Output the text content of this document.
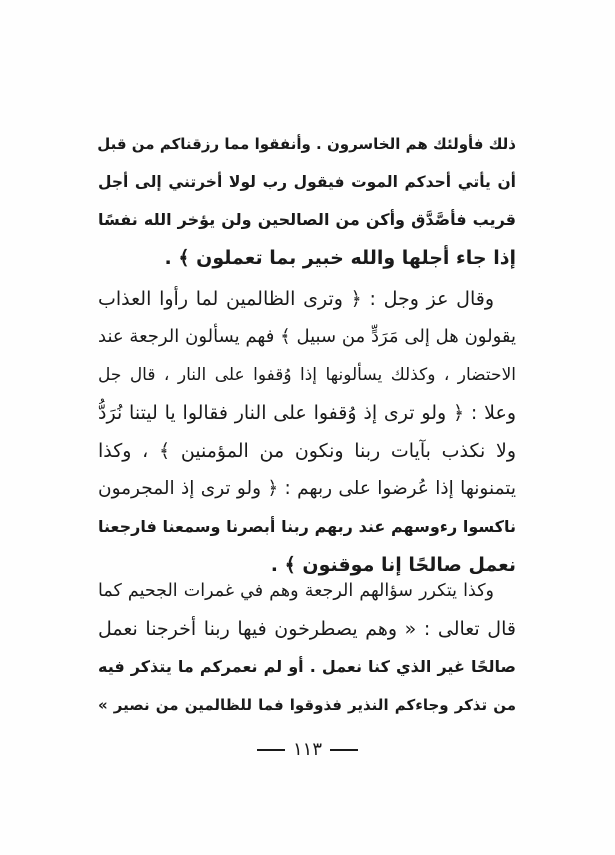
ذلك فأولئك هم الخاسرون . وأنفقوا مما رزقناكم من قبل
أن يأتي أحدكم الموت فيقول رب لولا أخرتني إلى أجل
قريب فأصَّدَّق وأكن من الصالحين ولن يؤخر الله نفسًا
إذا جاء أجلها والله خبير بما تعملون ﴾ .
وقال عز وجل : ﴿ وترى الظالمين لما رأوا العذاب
يقولون هل إلى مَرَدٍّ من سبيل ﴾ فهم يسألون الرجعة عند
الاحتضار ، وكذلك يسألونها إذا وُقفوا على النار ، قال جل
وعلا : ﴿ ولو ترى إذ وُقفوا على النار فقالوا يا ليتنا نُرَدُّ
ولا نكذب بآيات ربنا ونكون من المؤمنين ﴾ ، وكذا
يتمنونها إذا عُرضوا على ربهم : ﴿ ولو ترى إذ المجرمون
ناكسوا رءوسهم عند ربهم ربنا أبصرنا وسمعنا فارجعنا
نعمل صالحًا إنا موقنون ﴾ .
وكذا يتكرر سؤالهم الرجعة وهم في غمرات الجحيم كما
قال تعالى : « وهم يصطرخون فيها ربنا أخرجنا نعمل
صالحًا غير الذي كنا نعمل . أو لم نعمركم ما يتذكر فيه
من تذكر وجاءكم النذير فذوقوا فما للظالمين من نصير »
١١٣
